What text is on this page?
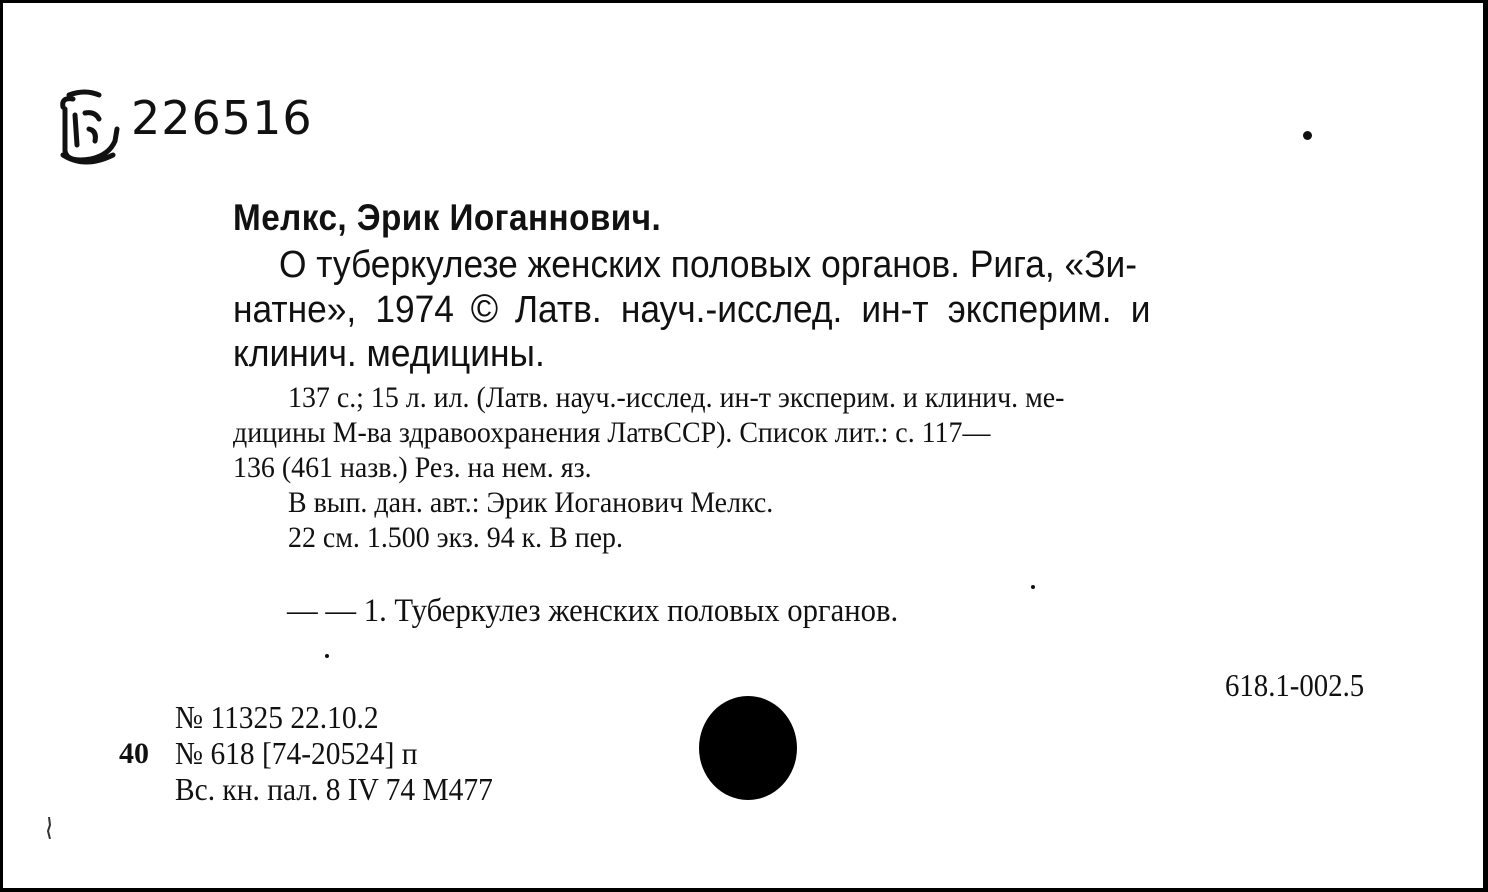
226516
Мелкс, Эрик Иоганнович.
О туберкулезе женских половых органов. Рига, «Зи-
натне», 1974 © Латв. науч.-исслед. ин-т эксперим. и
клинич. медицины.
137 с.; 15 л. ил. (Латв. науч.-исслед. ин-т эксперим. и клинич. ме-
дицины М-ва здравоохранения ЛатвССР). Список лит.: с. 117—
136 (461 назв.) Рез. на нем. яз.
В вып. дан. авт.: Эрик Иоганович Мелкс.
22 см. 1.500 экз. 94 к. В пер.
— — 1. Туберкулез женских половых органов.
618.1-002.5
40
№ 11325 22.10.2
№ 618 [74-20524] п
Вс. кн. пал. 8 IV 74 М477
